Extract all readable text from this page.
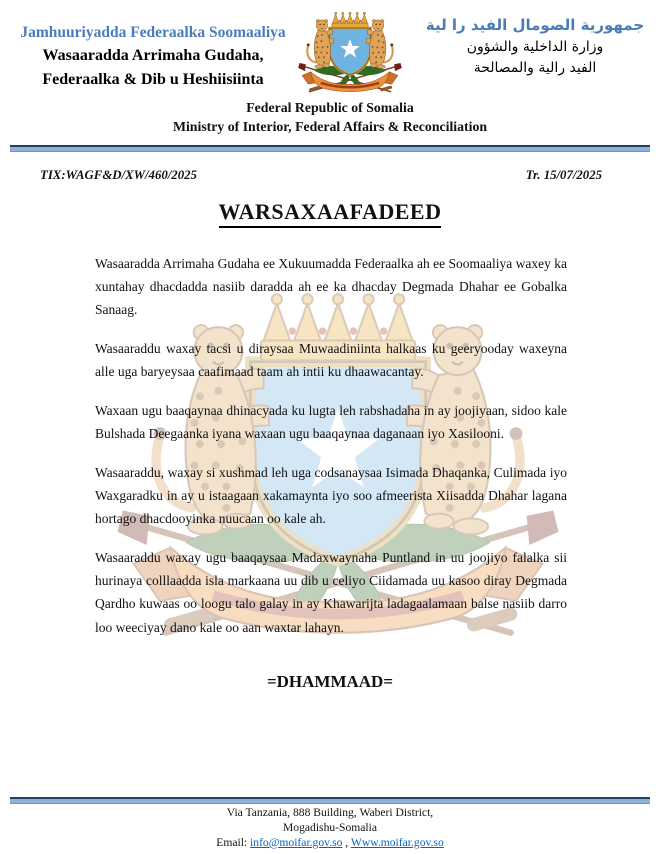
Jamhuuriyadda Federaalka Soomaaliya
Wasaaradda Arrimaha Gudaha,
Federaalka & Dib u Heshiisiinta
جمهورية الصومال الفيد را لية
وزارة الداخلية والشؤون
الفيد رالية والمصالحة
Federal Republic of Somalia
Ministry of Interior, Federal Affairs & Reconciliation
TIX:WAGF&D/XW/460/2025	Tr. 15/07/2025
WARSAXAAFADEED

Wasaaradda Arrimaha Gudaha ee Xukuumadda Federaalka ah ee Soomaaliya waxey ka xuntahay dhacdadda nasiib daradda ah ee ka dhacday Degmada Dhahar ee Gobalka Sanaag.

Wasaaraddu waxay tacsi u diraysaa Muwaadiniinta halkaas ku geeryooday waxeyna alle uga baryeysaa caafimaad taam ah intii ku dhaawacantay.

Waxaan ugu baaqaynaa dhinacyada ku lugta leh rabshadaha in ay joojiyaan, sidoo kale Bulshada Deegaanka iyana waxaan ugu baaqaynaa daganaan iyo Xasilooni.

Wasaaraddu, waxay si xushmad leh uga codsanaysaa Isimada Dhaqanka, Culimada iyo Waxgaradku in ay u istaagaan xakamaynta iyo soo afmeerista Xiisadda Dhahar lagana hortago dhacdooyinka nuucaan oo kale ah.

Wasaaraddu waxay ugu baaqaysaa Madaxwaynaha Puntland in uu joojiyo falalka sii hurinaya colllaadda isla markaana uu dib u celiyo Ciidamada uu kasoo diray Degmada Qardho kuwaas oo loogu talo galay in ay Khawarijta ladagaalamaan balse nasiib darro loo weeciyay dano kale oo aan waxtar lahayn.

=DHAMMAAD=
Via Tanzania, 888 Building, Waberi District,
Mogadishu-Somalia
Email: info@moifar.gov.so , Www.moifar.gov.so
